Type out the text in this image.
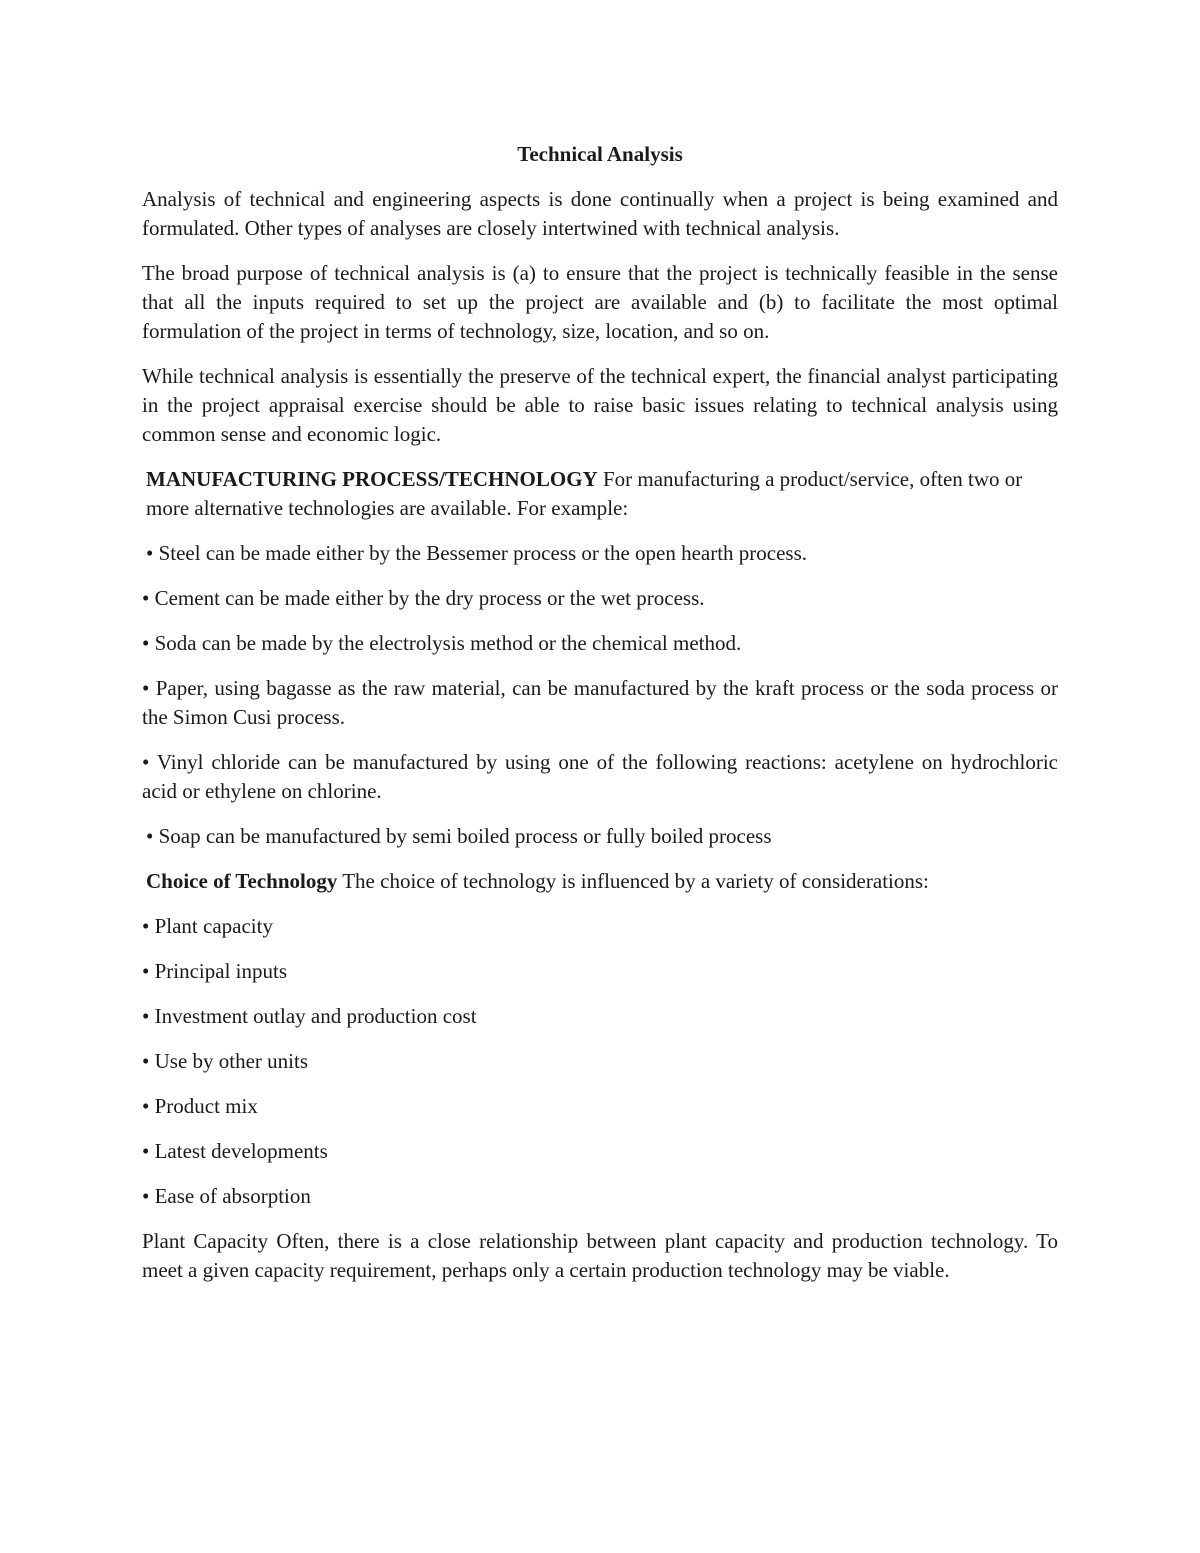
Technical Analysis

Analysis of technical and engineering aspects is done continually when a project is being examined and formulated. Other types of analyses are closely intertwined with technical analysis.

The broad purpose of technical analysis is (a) to ensure that the project is technically feasible in the sense that all the inputs required to set up the project are available and (b) to facilitate the most optimal formulation of the project in terms of technology, size, location, and so on.

While technical analysis is essentially the preserve of the technical expert, the financial analyst participating in the project appraisal exercise should be able to raise basic issues relating to technical analysis using common sense and economic logic.

MANUFACTURING PROCESS/TECHNOLOGY For manufacturing a product/service, often two or more alternative technologies are available. For example:

• Steel can be made either by the Bessemer process or the open hearth process.
• Cement can be made either by the dry process or the wet process.
• Soda can be made by the electrolysis method or the chemical method.
• Paper, using bagasse as the raw material, can be manufactured by the kraft process or the soda process or the Simon Cusi process.
• Vinyl chloride can be manufactured by using one of the following reactions: acetylene on hydrochloric acid or ethylene on chlorine.
• Soap can be manufactured by semi boiled process or fully boiled process

Choice of Technology The choice of technology is influenced by a variety of considerations:

• Plant capacity
• Principal inputs
• Investment outlay and production cost
• Use by other units
• Product mix
• Latest developments
• Ease of absorption

Plant Capacity Often, there is a close relationship between plant capacity and production technology. To meet a given capacity requirement, perhaps only a certain production technology may be viable.
